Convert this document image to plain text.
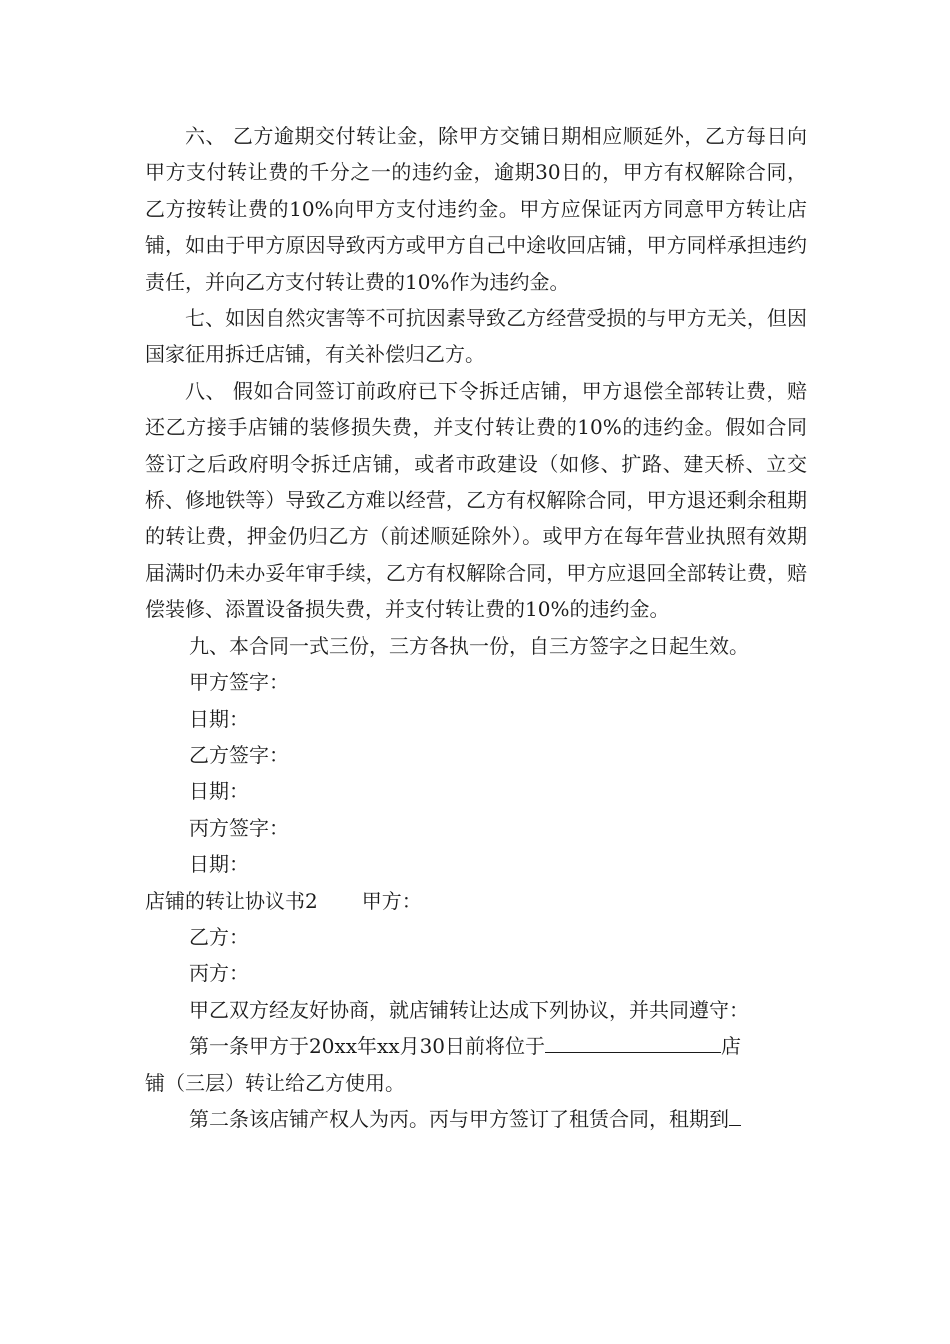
六、 乙方逾期交付转让金，除甲方交铺日期相应顺延外，乙方每日向甲方支付转让费的千分之一的违约金，逾期30日的，甲方有权解除合同，乙方按转让费的10%向甲方支付违约金。甲方应保证丙方同意甲方转让店铺，如由于甲方原因导致丙方或甲方自己中途收回店铺，甲方同样承担违约责任，并向乙方支付转让费的10%作为违约金。

七、如因自然灾害等不可抗因素导致乙方经营受损的与甲方无关，但因国家征用拆迁店铺，有关补偿归乙方。

八、 假如合同签订前政府已下令拆迁店铺，甲方退偿全部转让费，赔还乙方接手店铺的装修损失费，并支付转让费的10%的违约金。假如合同签订之后政府明令拆迁店铺，或者市政建设（如修、扩路、建天桥、立交桥、修地铁等）导致乙方难以经营，乙方有权解除合同，甲方退还剩余租期的转让费，押金仍归乙方（前述顺延除外）。或甲方在每年营业执照有效期届满时仍未办妥年审手续，乙方有权解除合同，甲方应退回全部转让费，赔偿装修、添置设备损失费，并支付转让费的10%的违约金。

九、本合同一式三份，三方各执一份，自三方签字之日起生效。

甲方签字：

日期：

乙方签字：

日期：

丙方签字：

日期：

店铺的转让协议书2 甲方：

乙方：

丙方：

甲乙双方经友好协商，就店铺转让达成下列协议，并共同遵守：

第一条甲方于20xx年xx月30日前将位于	店

铺（三层）转让给乙方使用。

第二条该店铺产权人为丙。丙与甲方签订了租赁合同，租期到
